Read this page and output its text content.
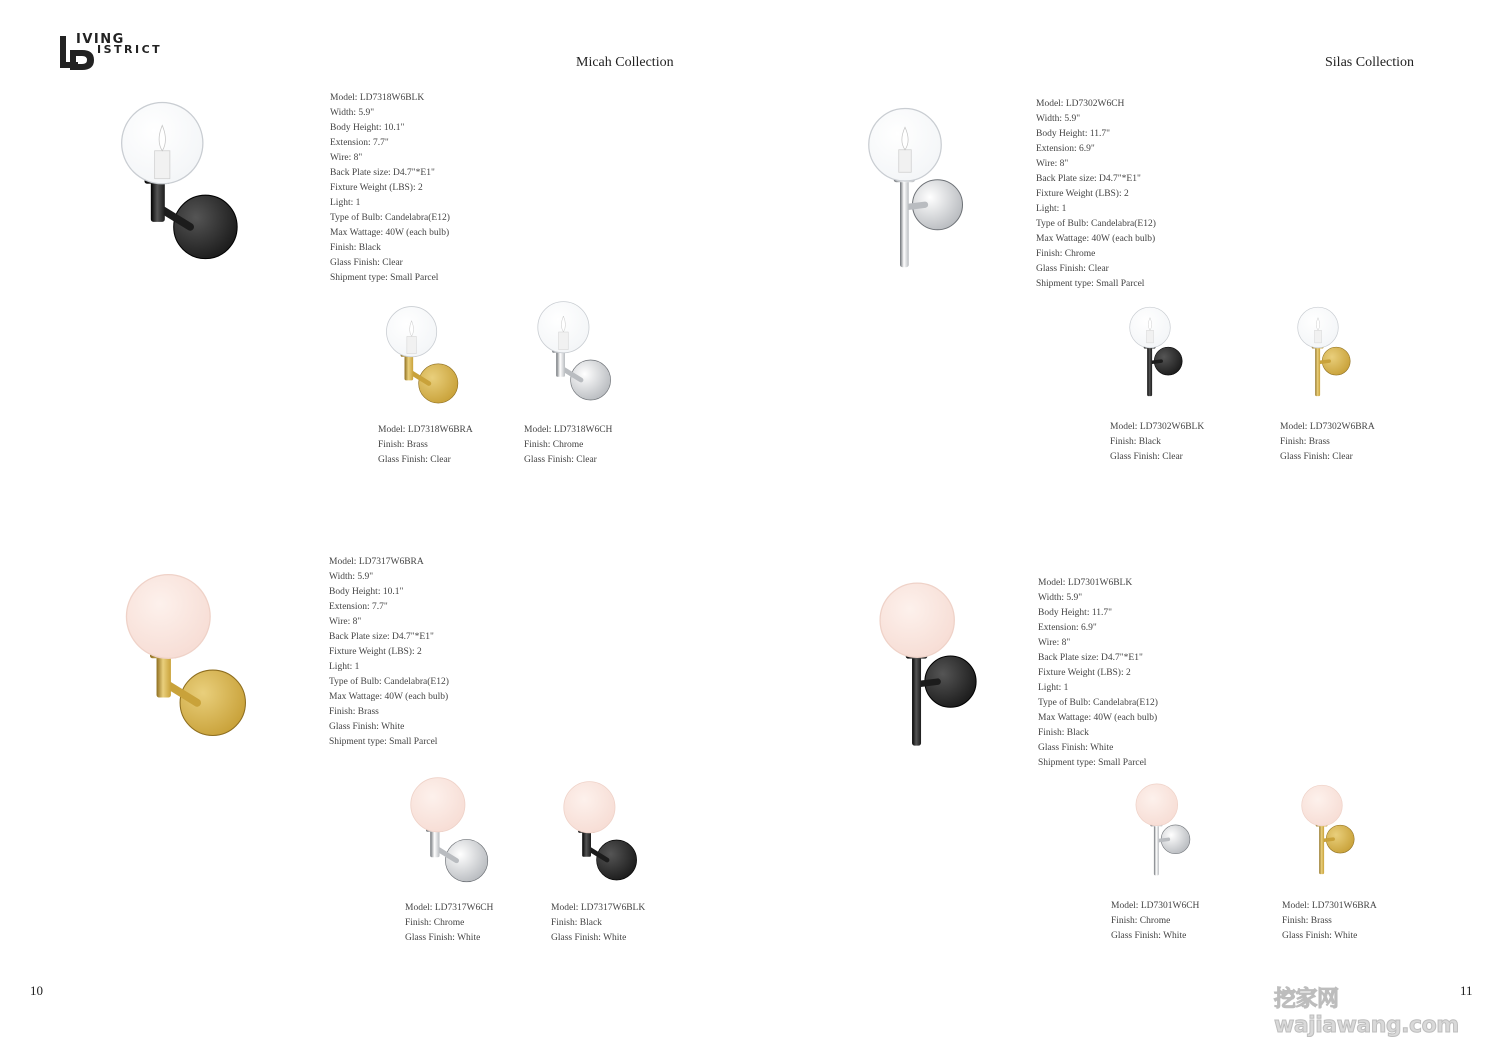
IVING
ISTRICT
Micah Collection	Silas Collection
Model: LD7318W6BLK
Width: 5.9"
Body Height: 10.1"
Extension: 7.7"
Wire: 8"
Back Plate size: D4.7"*E1"
Fixture Weight (LBS): 2
Light: 1
Type of Bulb: Candelabra(E12)
Max Wattage: 40W (each bulb)
Finish: Black
Glass Finish: Clear
Shipment type: Small Parcel
Model: LD7302W6CH
Width: 5.9"
Body Height: 11.7"
Extension: 6.9"
Wire: 8"
Back Plate size: D4.7"*E1"
Fixture Weight (LBS): 2
Light: 1
Type of Bulb: Candelabra(E12)
Max Wattage: 40W (each bulb)
Finish: Chrome
Glass Finish: Clear
Shipment type: Small Parcel
Model: LD7317W6BRA
Width: 5.9"
Body Height: 10.1"
Extension: 7.7"
Wire: 8"
Back Plate size: D4.7"*E1"
Fixture Weight (LBS): 2
Light: 1
Type of Bulb: Candelabra(E12)
Max Wattage: 40W (each bulb)
Finish: Brass
Glass Finish: White
Shipment type: Small Parcel
Model: LD7301W6BLK
Width: 5.9"
Body Height: 11.7"
Extension: 6.9"
Wire: 8"
Back Plate size: D4.7"*E1"
Fixture Weight (LBS): 2
Light: 1
Type of Bulb: Candelabra(E12)
Max Wattage: 40W (each bulb)
Finish: Black
Glass Finish: White
Shipment type: Small Parcel
Model: LD7318W6BRA
Finish: Brass
Glass Finish: Clear
Model: LD7318W6CH
Finish: Chrome
Glass Finish: Clear
Model: LD7302W6BLK
Finish: Black
Glass Finish: Clear
Model: LD7302W6BRA
Finish: Brass
Glass Finish: Clear
Model: LD7317W6CH
Finish: Chrome
Glass Finish: White
Model: LD7317W6BLK
Finish: Black
Glass Finish: White
Model: LD7301W6CH
Finish: Chrome
Glass Finish: White
Model: LD7301W6BRA
Finish: Brass
Glass Finish: White
10	11
挖家网 wajiawang.com
